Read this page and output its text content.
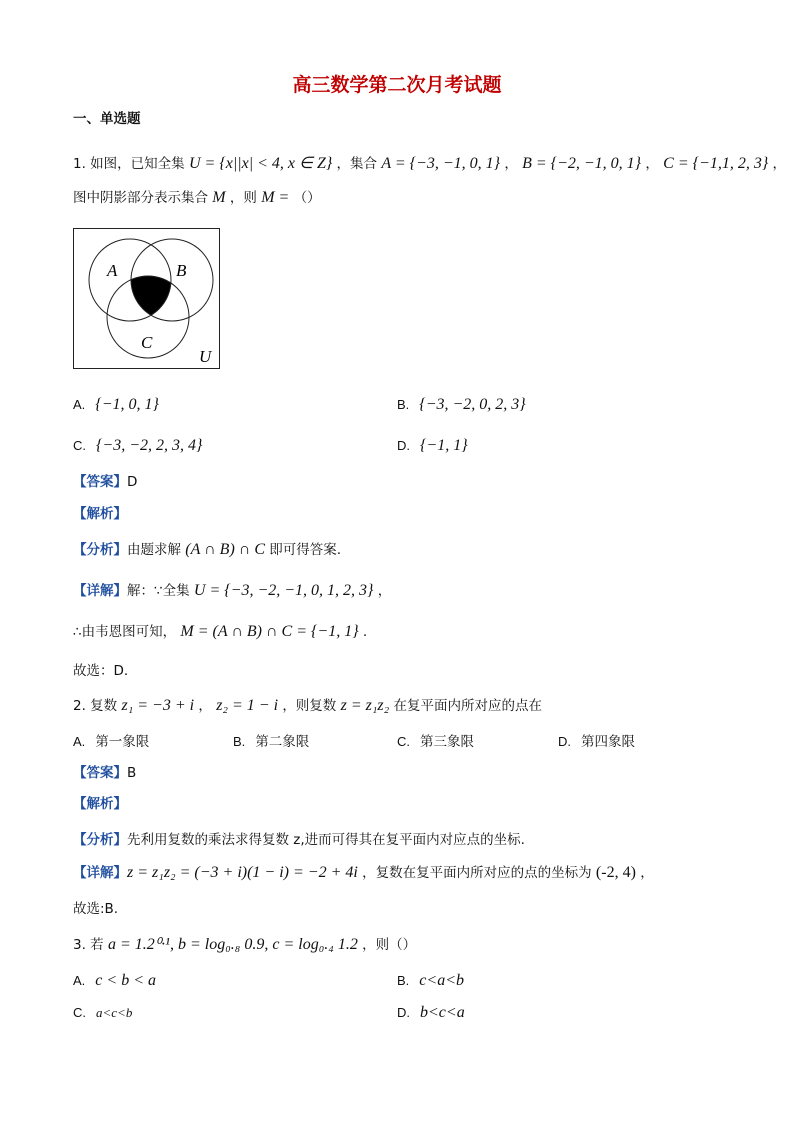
高三数学第二次月考试题
一、单选题
1. 如图，已知全集 U = {x||x| < 4, x ∈ Z} ，集合 A = {−3, −1, 0, 1} ， B = {−2, −1, 0, 1} ， C = {−1,1, 2, 3} ，
图中阴影部分表示集合 M ，则 M = （）
A	B
C
U
A. {−1, 0, 1}	B. {−3, −2, 0, 2, 3}
C. {−3, −2, 2, 3, 4}	D. {−1, 1}
【答案】D
【解析】
【分析】由题求解 (A ∩ B) ∩ C 即可得答案.
【详解】解：∵全集 U = {−3, −2, −1, 0, 1, 2, 3} ，
∴由韦恩图可知， M = (A ∩ B) ∩ C = {−1, 1} .
故选：D.
2. 复数 z₁ = −3 + i ， z₂ = 1 − i ，则复数 z = z₁z₂ 在复平面内所对应的点在
A. 第一象限	B. 第二象限	C. 第三象限	D. 第四象限
【答案】B
【解析】
【分析】先利用复数的乘法求得复数 z,进而可得其在复平面内对应点的坐标.
【详解】z = z₁z₂ = (−3 + i)(1 − i) = −2 + 4i ，复数在复平面内所对应的点的坐标为 (-2, 4) ，
故选:B.
3. 若 a = 1.2⁰·¹, b = log₀.₈ 0.9, c = log₀.₄ 1.2 ，则（）
A. c < b < a	B. c<a<b
C. a<c<b	D. b<c<a
